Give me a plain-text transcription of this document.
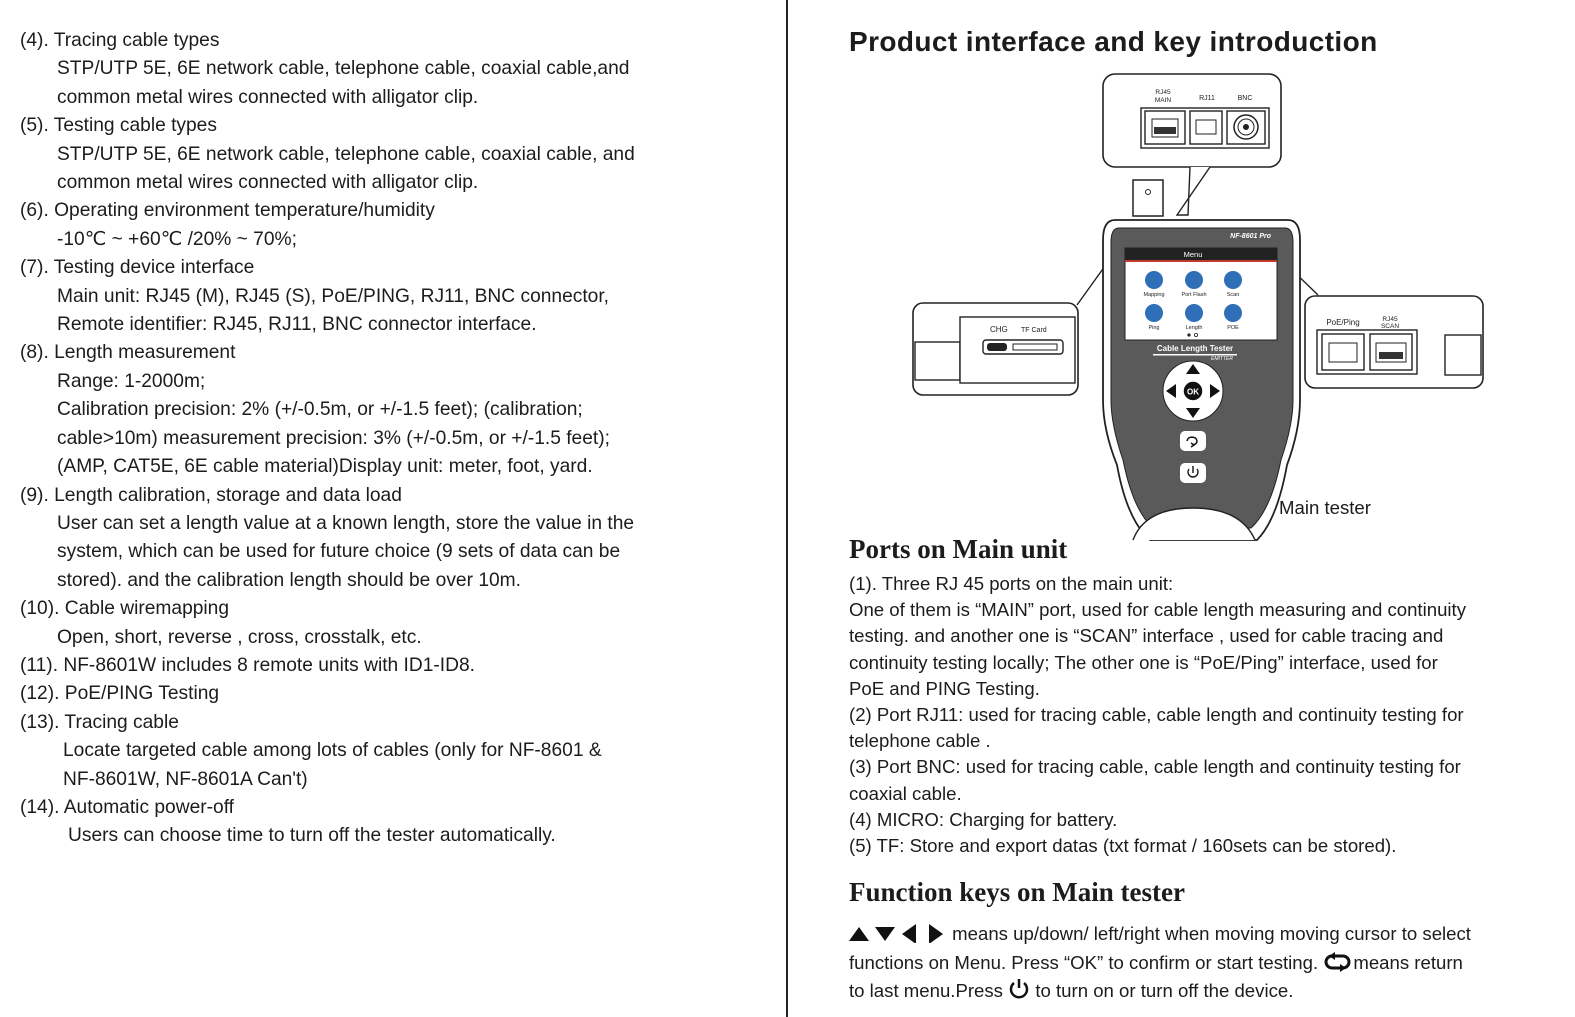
(4). Tracing cable types
STP/UTP 5E, 6E network cable, telephone cable, coaxial cable,and
common metal wires connected with alligator clip.
(5). Testing cable types
STP/UTP 5E, 6E network cable, telephone cable, coaxial cable, and
common metal wires connected with alligator clip.
(6). Operating environment temperature/humidity
-10℃ ~ +60℃ /20% ~ 70%;
(7). Testing device interface
Main unit: RJ45 (M), RJ45 (S), PoE/PING, RJ11, BNC connector,
Remote identifier: RJ45, RJ11, BNC connector interface.
(8). Length measurement
Range: 1-2000m;
Calibration precision: 2% (+/-0.5m, or +/-1.5 feet); (calibration;
cable>10m) measurement precision: 3% (+/-0.5m, or +/-1.5 feet);
(AMP, CAT5E, 6E cable material)Display unit: meter, foot, yard.
(9). Length calibration, storage and data load
User can set a length value at a known length, store the value in the
system, which can be used for future choice (9 sets of data can be
stored). and the calibration length should be over 10m.
(10). Cable wiremapping
Open, short, reverse , cross, crosstalk, etc.
(11). NF-8601W includes 8 remote units with ID1-ID8.
(12). PoE/PING Testing
(13). Tracing cable
Locate targeted cable among lots of cables (only for NF-8601 &
NF-8601W, NF-8601A Can't)
(14). Automatic power-off
Users can choose time to turn off the tester automatically.
Product interface and key introduction
RJ45
MAIN	RJ11	BNC
CHG TF Card
PoE/Ping	RJ45
SCAN
NF-8601 Pro
Menu
Mapping	Port Flash	Scan
Ping	Length	POE
Cable Length Tester
EMITTER
OK
Main tester
Ports on Main unit
(1). Three RJ 45 ports on the main unit:
One of them is “MAIN” port, used for cable length measuring and continuity
testing. and another one is “SCAN” interface , used for cable tracing and
continuity testing locally; The other one is “PoE/Ping” interface, used for
PoE and PING Testing.
(2) Port RJ11: used for tracing cable, cable length and continuity testing for
telephone cable .
(3) Port BNC: used for tracing cable, cable length and continuity testing for
coaxial cable.
(4) MICRO: Charging for battery.
(5) TF: Store and export datas (txt format / 160sets can be stored).
Function keys on Main tester
means up/down/ left/right when moving moving cursor to select
functions on Menu. Press “OK” to confirm or start testing. means return
to last menu.Press  to turn on or turn off the device.
